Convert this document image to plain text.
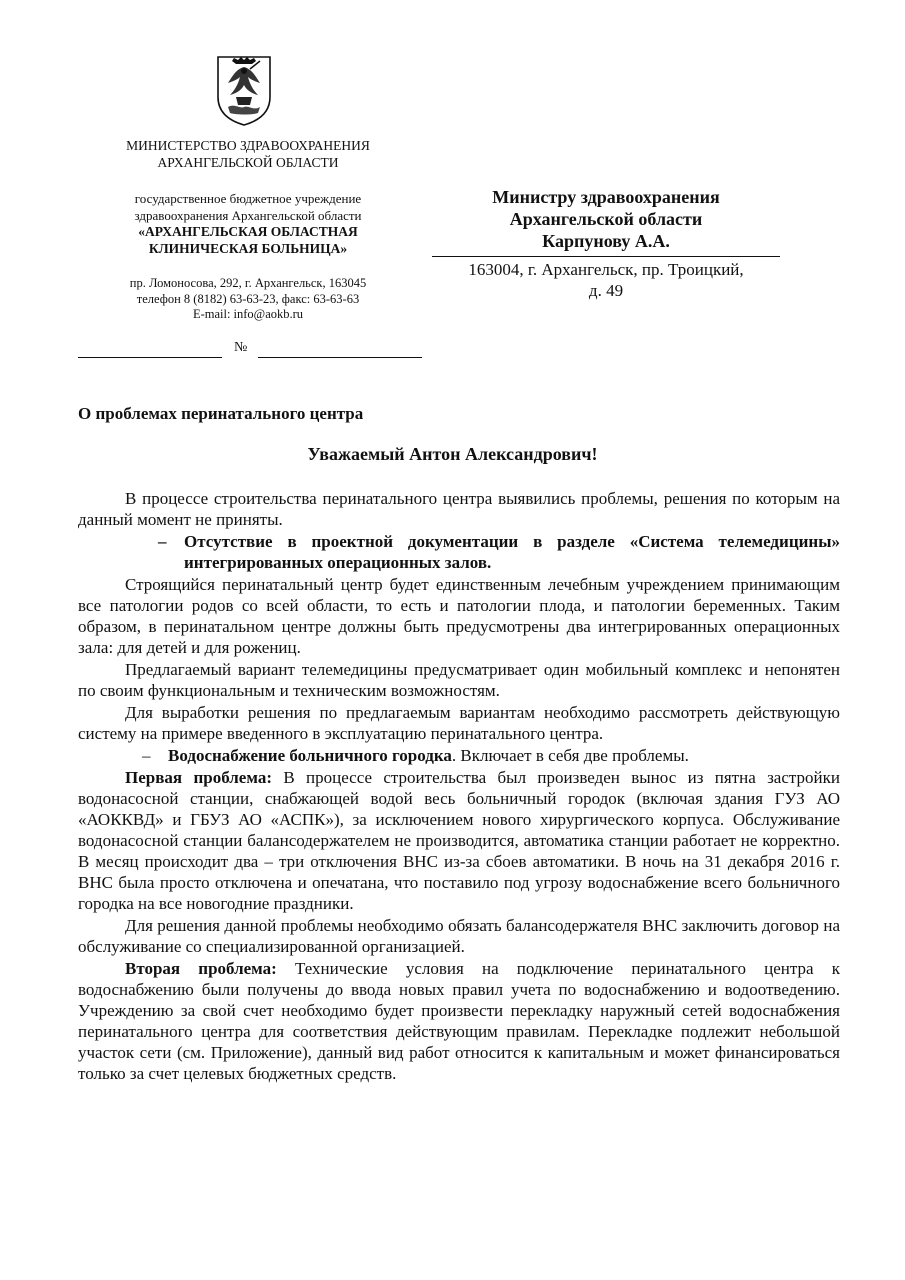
МИНИСТЕРСТВО ЗДРАВООХРАНЕНИЯ
АРХАНГЕЛЬСКОЙ ОБЛАСТИ
государственное бюджетное учреждение
здравоохранения Архангельской области
«АРХАНГЕЛЬСКАЯ ОБЛАСТНАЯ
КЛИНИЧЕСКАЯ БОЛЬНИЦА»
пр. Ломоносова, 292, г. Архангельск, 163045
телефон 8 (8182) 63-63-23, факс: 63-63-63
E-mail: info@aokb.ru
№
Министру здравоохранения
Архангельской области
Карпунову А.А.
163004, г. Архангельск, пр. Троицкий,
д. 49
О проблемах перинатального центра
Уважаемый Антон Александрович!

В процессе строительства перинатального центра выявились проблемы, решения по которым на данный момент не приняты.

–	Отсутствие в проектной документации в разделе «Система телемедицины» интегрированных операционных залов.

Строящийся перинатальный центр будет единственным лечебным учреждением принимающим все патологии родов со всей области, то есть и патологии плода, и патологии беременных. Таким образом, в перинатальном центре должны быть предусмотрены два интегрированных операционных зала: для детей и для рожениц.

Предлагаемый вариант телемедицины предусматривает один мобильный комплекс и непонятен по своим функциональным и техническим возможностям.

Для выработки решения по предлагаемым вариантам необходимо рассмотреть действующую систему на примере введенного в эксплуатацию перинатального центра.

–	Водоснабжение больничного городка. Включает в себя две проблемы.

Первая проблема: В процессе строительства был произведен вынос из пятна застройки водонасосной станции, снабжающей водой весь больничный городок (включая здания ГУЗ АО «АОККВД» и ГБУЗ АО «АСПК»), за исключением нового хирургического корпуса. Обслуживание водонасосной станции балансодержателем не производится, автоматика станции работает не корректно. В месяц происходит два – три отключения ВНС из-за сбоев автоматики. В ночь на 31 декабря 2016 г. ВНС была просто отключена и опечатана, что поставило под угрозу водоснабжение всего больничного городка на все новогодние праздники.

Для решения данной проблемы необходимо обязать балансодержателя ВНС заключить договор на обслуживание со специализированной организацией.

Вторая проблема: Технические условия на подключение перинатального центра к водоснабжению были получены до ввода новых правил учета по водоснабжению и водоотведению. Учреждению за свой счет необходимо будет произвести перекладку наружный сетей водоснабжения перинатального центра для соответствия действующим правилам. Перекладке подлежит небольшой участок сети (см. Приложение), данный вид работ относится к капитальным и может финансироваться только за счет целевых бюджетных средств.
